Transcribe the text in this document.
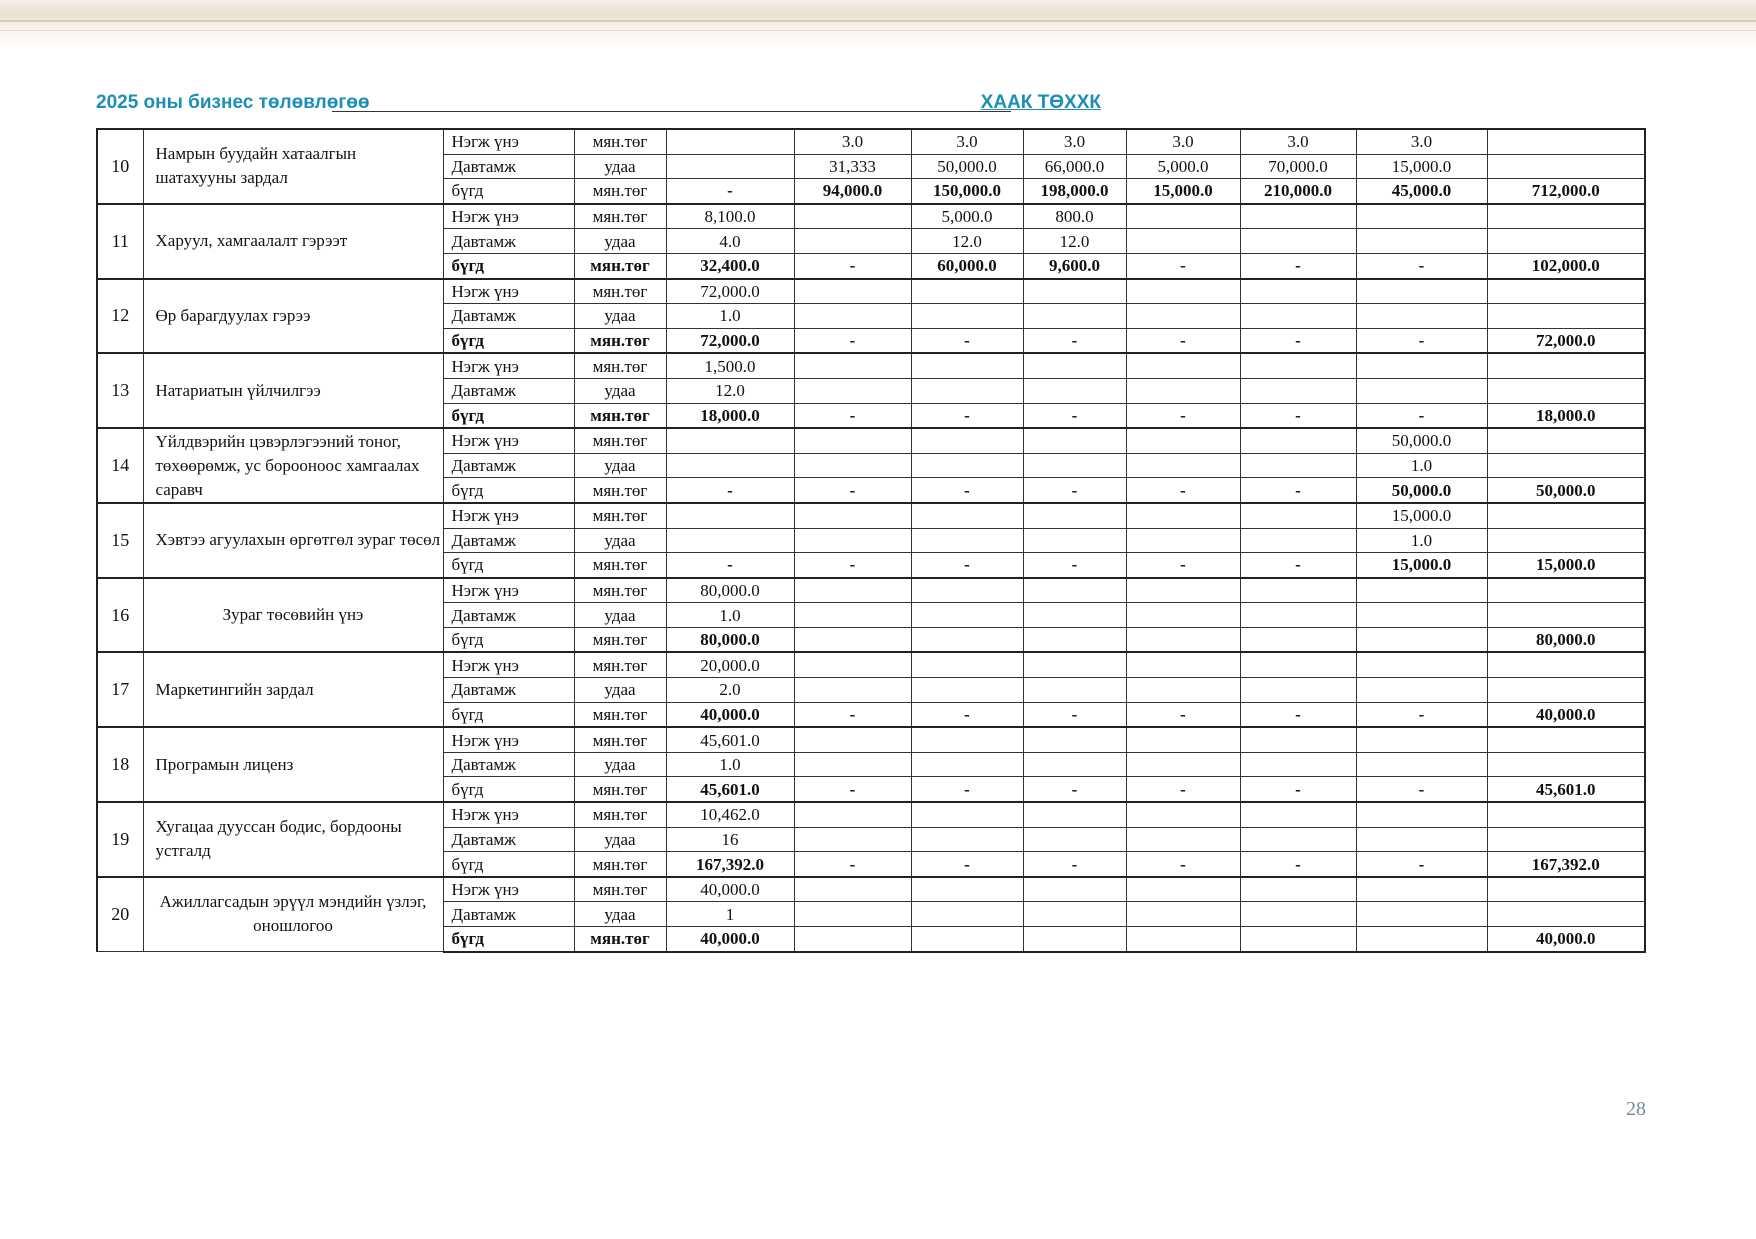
2025 оны бизнес төлөвлөгөө	ХААК ТӨХХК
10	Намрын буудайн хатаалгын шатахууны зардал	Нэгж үнэ	мян.төг		3.0	3.0	3.0	3.0	3.0	3.0	
		Давтамж	удаа		31,333	50,000.0	66,000.0	5,000.0	70,000.0	15,000.0	
		бүгд	мян.төг	-	94,000.0	150,000.0	198,000.0	15,000.0	210,000.0	45,000.0	712,000.0
11	Харуул, хамгаалалт гэрээт	Нэгж үнэ	мян.төг	8,100.0		5,000.0	800.0				
		Давтамж	удаа	4.0		12.0	12.0				
		бүгд	мян.төг	32,400.0	-	60,000.0	9,600.0	-	-	-	102,000.0
12	Өр барагдуулах гэрээ	Нэгж үнэ	мян.төг	72,000.0							
		Давтамж	удаа	1.0							
		бүгд	мян.төг	72,000.0	-	-	-	-	-	-	72,000.0
13	Натариатын үйлчилгээ	Нэгж үнэ	мян.төг	1,500.0							
		Давтамж	удаа	12.0							
		бүгд	мян.төг	18,000.0	-	-	-	-	-	-	18,000.0
14	Үйлдвэрийн цэвэрлэгээний тоног, төхөөрөмж, ус борооноос хамгаалах саравч	Нэгж үнэ	мян.төг							50,000.0	
		Давтамж	удаа							1.0	
		бүгд	мян.төг	-	-	-	-	-	-	50,000.0	50,000.0
15	Хэвтээ агуулахын өргөтгөл зураг төсөл	Нэгж үнэ	мян.төг							15,000.0	
		Давтамж	удаа							1.0	
		бүгд	мян.төг	-	-	-	-	-	-	15,000.0	15,000.0
16	Зураг төсөвийн үнэ	Нэгж үнэ	мян.төг	80,000.0							
		Давтамж	удаа	1.0							
		бүгд	мян.төг	80,000.0							80,000.0
17	Маркетингийн зардал	Нэгж үнэ	мян.төг	20,000.0							
		Давтамж	удаа	2.0							
		бүгд	мян.төг	40,000.0	-	-	-	-	-	-	40,000.0
18	Програмын лиценз	Нэгж үнэ	мян.төг	45,601.0							
		Давтамж	удаа	1.0							
		бүгд	мян.төг	45,601.0	-	-	-	-	-	-	45,601.0
19	Хугацаа дууссан бодис, бордооны устгалд	Нэгж үнэ	мян.төг	10,462.0							
		Давтамж	удаа	16							
		бүгд	мян.төг	167,392.0	-	-	-	-	-	-	167,392.0
20	Ажиллагсадын эрүүл мэндийн үзлэг, оношлогоо	Нэгж үнэ	мян.төг	40,000.0							
		Давтамж	удаа	1							
		бүгд	мян.төг	40,000.0							40,000.0
28
